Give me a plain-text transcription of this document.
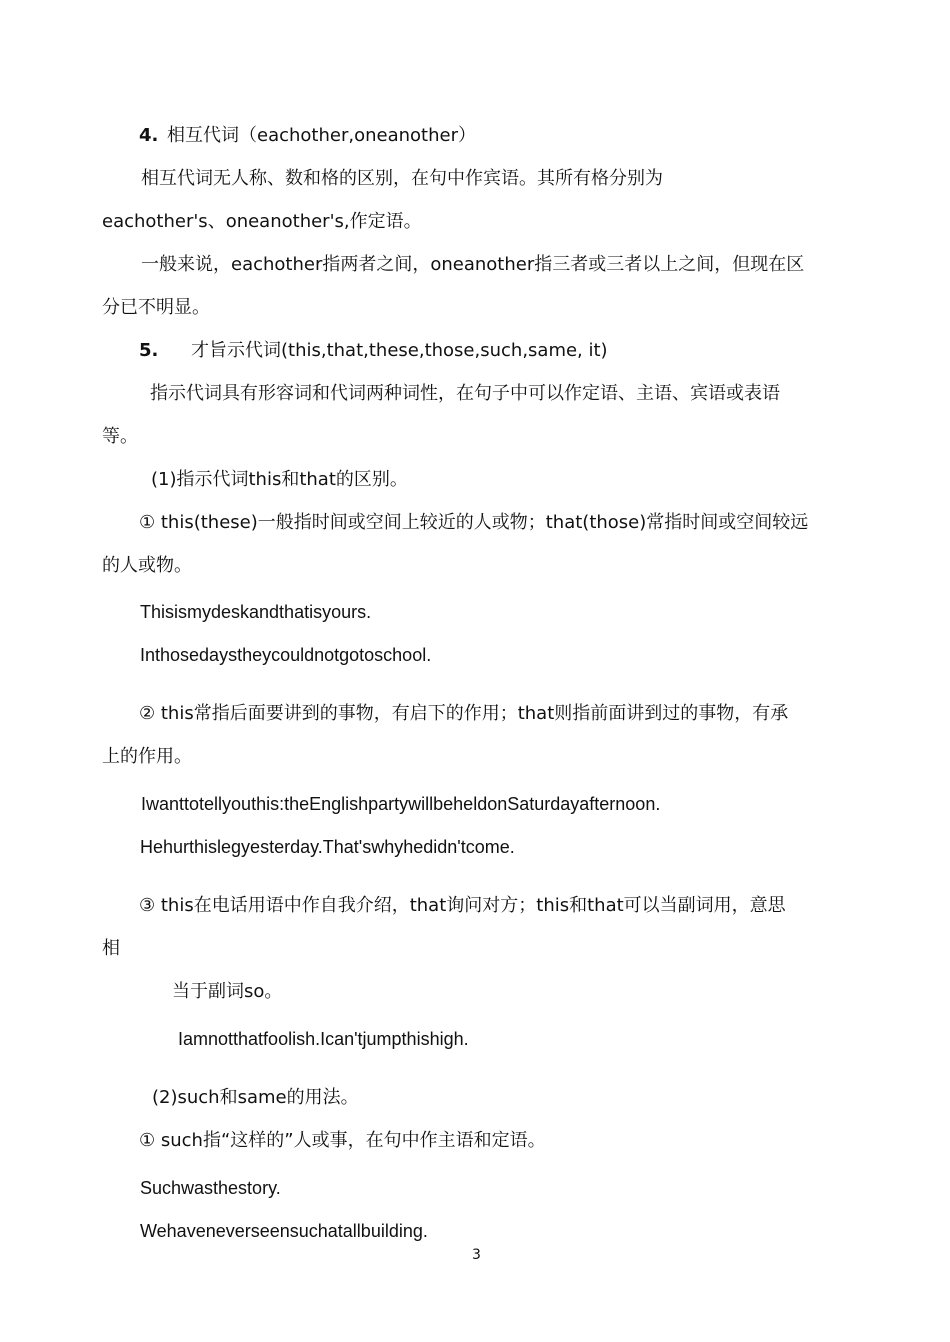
4. 相互代词（eachother,oneanother）
相互代词无人称、数和格的区别，在句中作宾语。其所有格分别为
eachother's、oneanother's,作定语。
一般来说，eachother指两者之间，oneanother指三者或三者以上之间，但现在区
分已不明显。
5. 才旨示代词(this,that,these,those,such,same, it)
指示代词具有形容词和代词两种词性，在句子中可以作定语、主语、宾语或表语
等。
(1)指示代词this和that的区别。
① this(these)一般指时间或空间上较近的人或物；that(those)常指时间或空间较远
的人或物。
Thisismydeskandthatisyours.
Inthosedaystheycouldnotgotoschool.
② this常指后面要讲到的事物，有启下的作用；that则指前面讲到过的事物，有承
上的作用。
Iwanttotellyouthis:theEnglishpartywillbeheldonSaturdayafternoon.
Hehurthislegyesterday.That'swhyhedidn'tcome.
③ this在电话用语中作自我介绍，that询问对方；this和that可以当副词用，意思
相
当于副词so。
Iamnotthatfoolish.Ican'tjumpthishigh.
(2)such和same的用法。
① such指“这样的”人或事，在句中作主语和定语。
Suchwasthestory.
Wehaveneverseensuchatallbuilding.
3
